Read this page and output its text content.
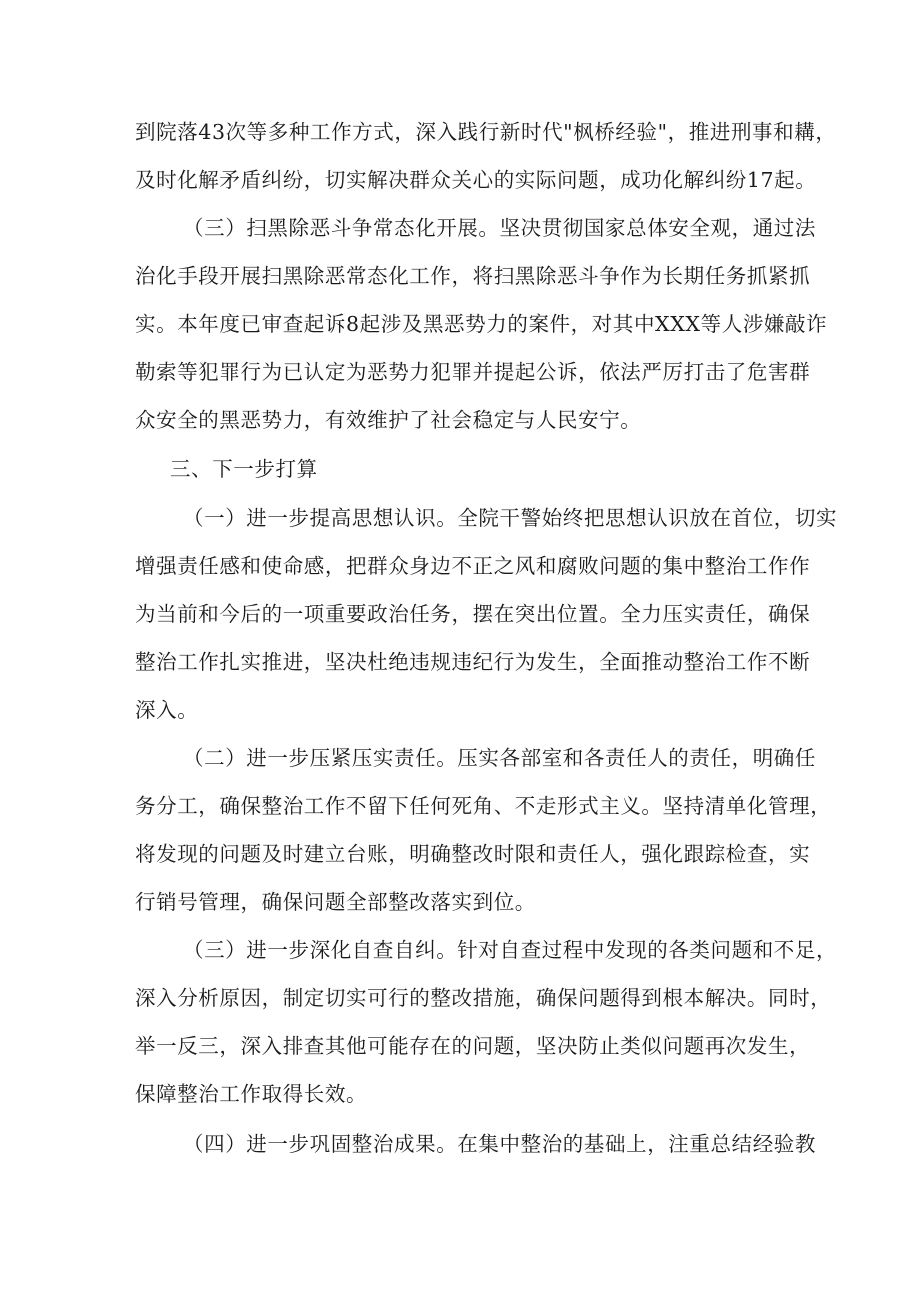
到院落43次等多种工作方式，深入践行新时代"枫桥经验"，推进刑事和耩，
及时化解矛盾纠纷，切实解决群众关心的实际问题，成功化解纠纷17起。
（三）扫黑除恶斗争常态化开展。坚决贯彻国家总体安全观，通过法
治化手段开展扫黑除恶常态化工作，将扫黑除恶斗争作为长期任务抓紧抓
实。本年度已审查起诉8起涉及黑恶势力的案件，对其中XXX等人涉嫌敲诈
勒索等犯罪行为已认定为恶势力犯罪并提起公诉，依法严厉打击了危害群
众安全的黑恶势力，有效维护了社会稳定与人民安宁。
三、下一步打算
（一）进一步提高思想认识。全院干警始终把思想认识放在首位，切实
增强责任感和使命感，把群众身边不正之风和腐败问题的集中整治工作作
为当前和今后的一项重要政治任务，摆在突出位置。全力压实责任，确保
整治工作扎实推进，坚决杜绝违规违纪行为发生，全面推动整治工作不断
深入。
（二）进一步压紧压实责任。压实各部室和各责任人的责任，明确任
务分工，确保整治工作不留下任何死角、不走形式主义。坚持清单化管理，
将发现的问题及时建立台账，明确整改时限和责任人，强化跟踪检查，实
行销号管理，确保问题全部整改落实到位。
（三）进一步深化自查自纠。针对自查过程中发现的各类问题和不足，
深入分析原因，制定切实可行的整改措施，确保问题得到根本解决。同时，
举一反三，深入排查其他可能存在的问题，坚决防止类似问题再次发生，
保障整治工作取得长效。
（四）进一步巩固整治成果。在集中整治的基础上，注重总结经验教
